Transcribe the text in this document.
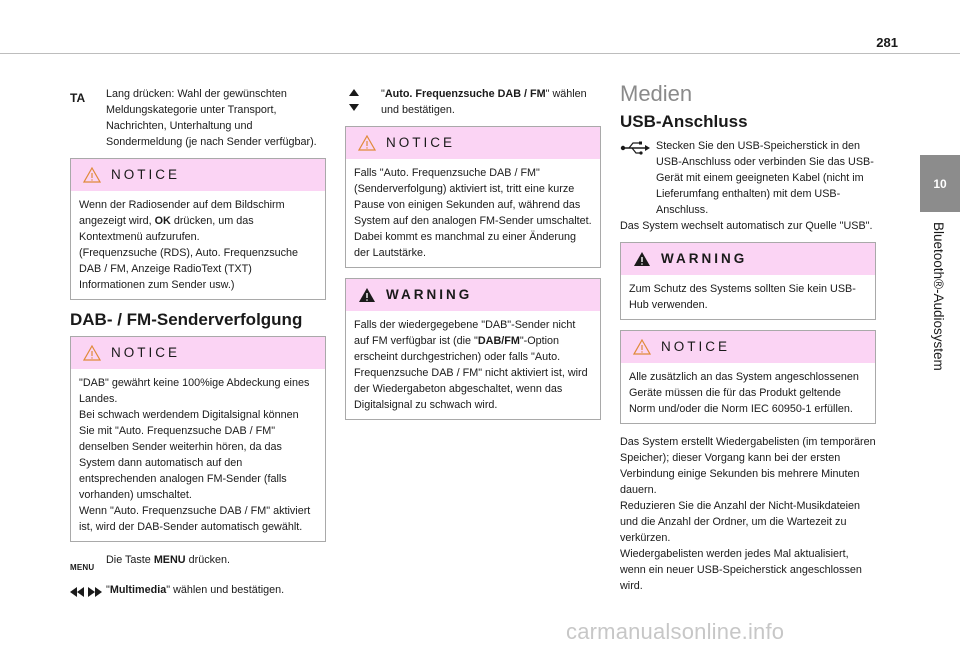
281
10
Bluetooth®-Audiosystem
TA	Lang drücken: Wahl der gewünschten Meldungskategorie unter Transport, Nachrichten, Unterhaltung und Sondermeldung (je nach Sender verfügbar).
NOTICE

Wenn der Radiosender auf dem Bildschirm angezeigt wird, OK drücken, um das Kontextmenü aufzurufen.

(Frequenzsuche (RDS), Auto. Frequenzsuche DAB / FM, Anzeige RadioText (TXT) Informationen zum Sender usw.)

DAB- / FM-Senderverfolgung
NOTICE

"DAB" gewährt keine 100%ige Abdeckung eines Landes.

Bei schwach werdendem Digitalsignal können Sie mit "Auto. Frequenzsuche DAB / FM" denselben Sender weiterhin hören, da das System dann automatisch auf den entsprechenden analogen FM-Sender (falls vorhanden) umschaltet.

Wenn "Auto. Frequenzsuche DAB / FM" aktiviert ist, wird der DAB-Sender automatisch gewählt.

MENU
Die Taste MENU drücken.
"Multimedia" wählen und bestätigen.
"Auto. Frequenzsuche DAB / FM" wählen und bestätigen.
NOTICE

Falls "Auto. Frequenzsuche DAB / FM" (Senderverfolgung) aktiviert ist, tritt eine kurze Pause von einigen Sekunden auf, während das System auf den analogen FM-Sender umschaltet. Dabei kommt es manchmal zu einer Änderung der Lautstärke.

WARNING

Falls der wiedergegebene "DAB"-Sender nicht auf FM verfügbar ist (die "DAB/FM"-Option erscheint durchgestrichen) oder falls "Auto. Frequenzsuche DAB / FM" nicht aktiviert ist, wird der Wiedergabeton abgeschaltet, wenn das Digitalsignal zu schwach wird.

Medien
USB-Anschluss
Stecken Sie den USB-Speicherstick in den USB-Anschluss oder verbinden Sie das USB-Gerät mit einem geeigneten Kabel (nicht im Lieferumfang enthalten) mit dem USB-Anschluss.

Das System wechselt automatisch zur Quelle "USB".

WARNING

Zum Schutz des Systems sollten Sie kein USB-Hub verwenden.

NOTICE

Alle zusätzlich an das System angeschlossenen Geräte müssen die für das Produkt geltende Norm und/oder die Norm IEC 60950-1 erfüllen.

Das System erstellt Wiedergabelisten (im temporären Speicher); dieser Vorgang kann bei der ersten Verbindung einige Sekunden bis mehrere Minuten dauern.

Reduzieren Sie die Anzahl der Nicht-Musikdateien und die Anzahl der Ordner, um die Wartezeit zu verkürzen.

Wiedergabelisten werden jedes Mal aktualisiert, wenn ein neuer USB-Speicherstick angeschlossen wird.

carmanualsonline.info
